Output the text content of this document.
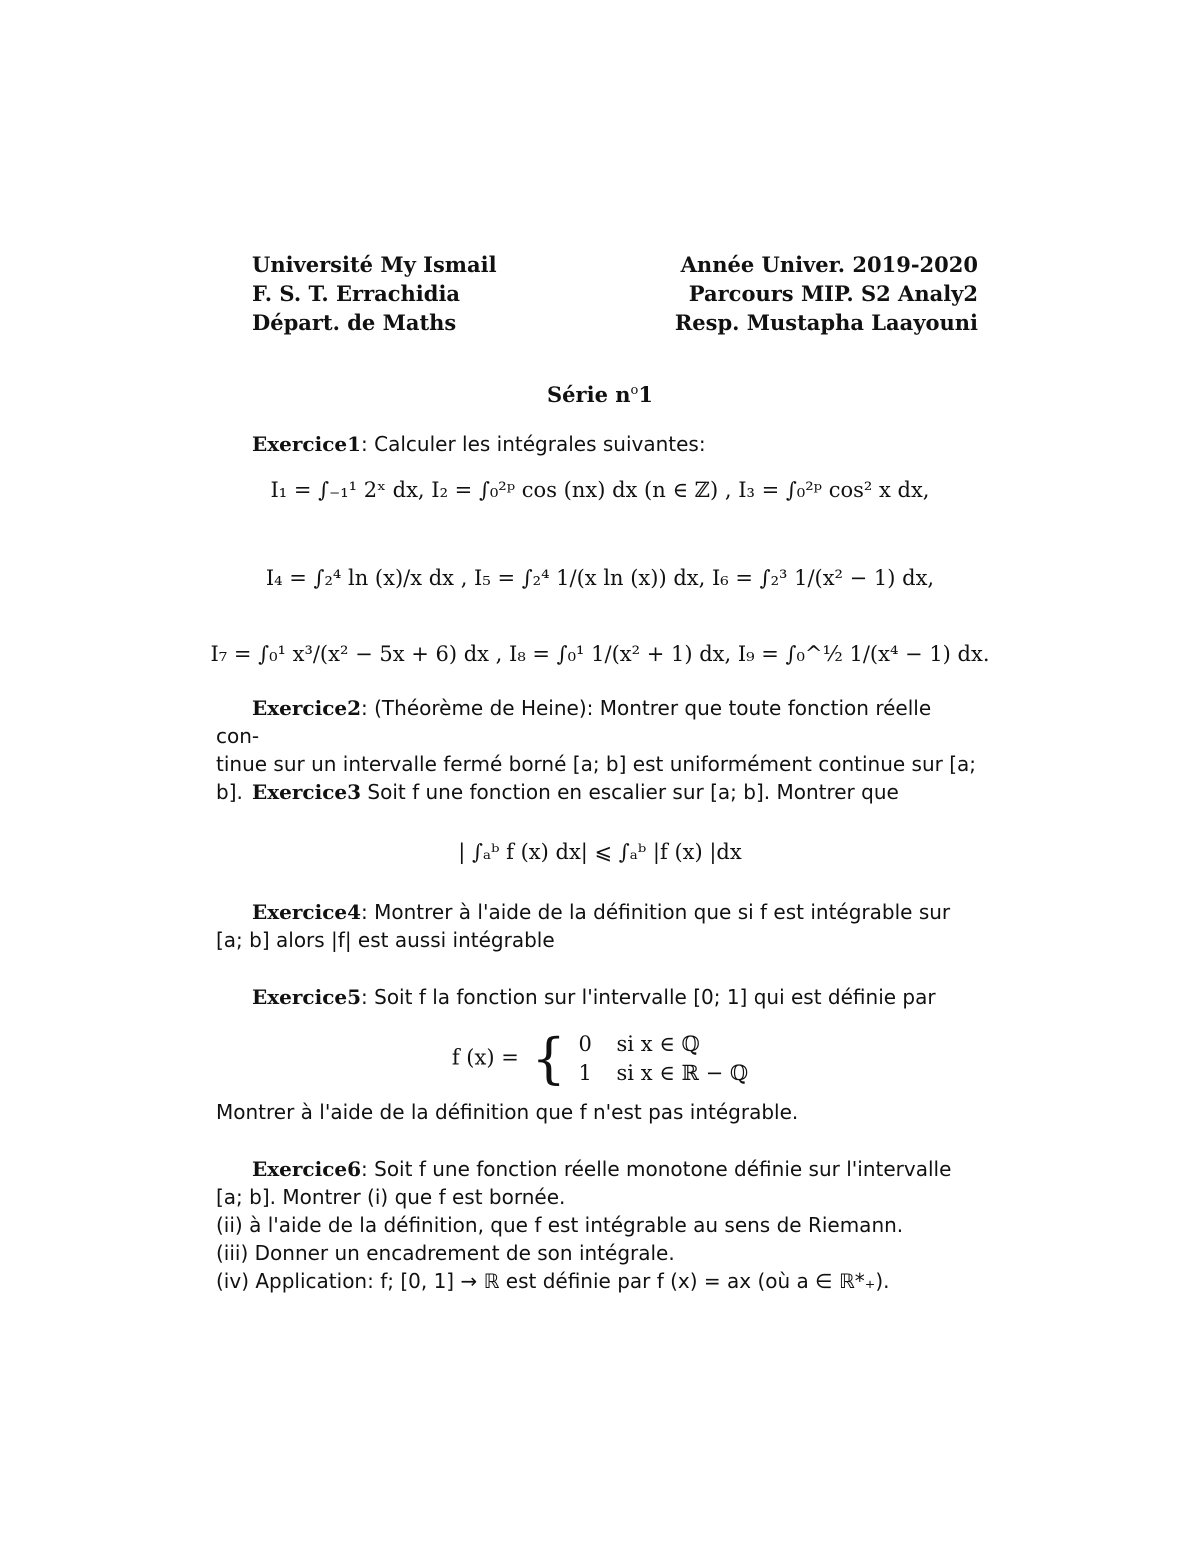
Université My Ismail
F. S. T. Errachidia
Départ. de Maths
Année Univer. 2019-2020
Parcours MIP. S2 Analy2
Resp. Mustapha Laayouni
Série $n^o1$
Exercice1: Calculer les intégrales suivantes:
I₁ = ∫₋₁¹ 2ˣ dx, I₂ = ∫₀²ᵖ cos (nx) dx (n ∈ ℤ) , I₃ = ∫₀²ᵖ cos² x dx,
I₄ = ∫₂⁴ ln (x)/x dx , I₅ = ∫₂⁴ 1/(x ln (x)) dx, I₆ = ∫₂³ 1/(x² − 1) dx,
I₇ = ∫₀¹ x³/(x² − 5x + 6) dx , I₈ = ∫₀¹ 1/(x² + 1) dx, I₉ = ∫₀^½ 1/(x⁴ − 1) dx.
Exercice2: (Théorème de Heine): Montrer que toute fonction réelle con-
tinue sur un intervalle fermé borné [a; b] est uniformément continue sur [a; b]. Exercice3 Soit f une fonction en escalier sur [a; b]. Montrer que
| ∫ₐᵇ f (x) dx| ⩽ ∫ₐᵇ |f (x) |dx
Exercice4: Montrer à l'aide de la définition que si f est intégrable sur
[a; b] alors |f| est aussi intégrable
Exercice5: Soit f la fonction sur l'intervalle [0; 1] qui est définie par
f (x) = { 0 si x ∈ ℚ
1 si x ∈ ℝ − ℚ
Montrer à l'aide de la définition que f n'est pas intégrable.
Exercice6: Soit f une fonction réelle monotone définie sur l'intervalle
[a; b]. Montrer (i) que f est bornée.
(ii) à l'aide de la définition, que f est intégrable au sens de Riemann.
(iii) Donner un encadrement de son intégrale.
(iv) Application: f; [0, 1] → ℝ est définie par f (x) = ax (où a ∈ ℝ*₊).
